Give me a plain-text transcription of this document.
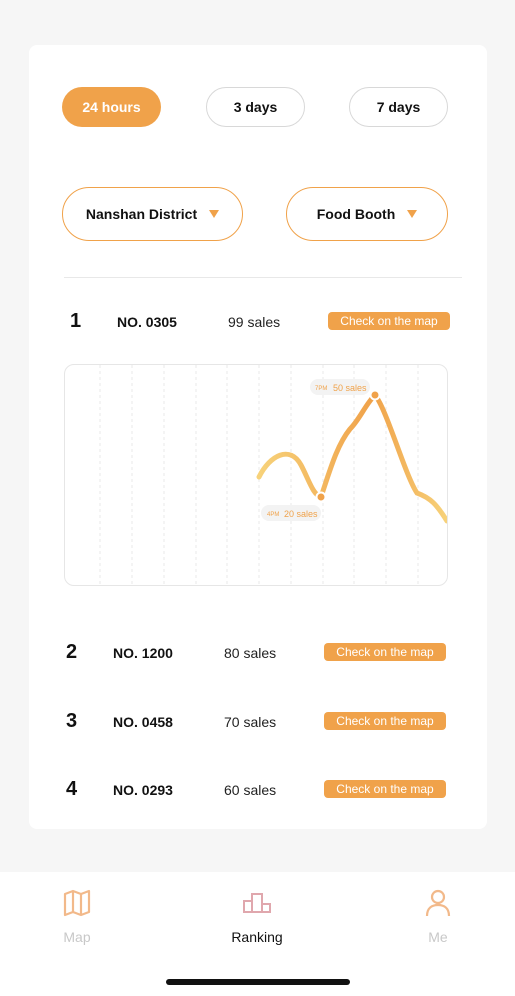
24 hours	3 days	7 days
Nanshan District	Food Booth
1	NO. 0305	99 sales	Check on the map
4PM 20 sales
7PM 50 sales
2	NO. 1200	80 sales	Check on the map
3	NO. 0458	70 sales	Check on the map
4	NO. 0293	60 sales	Check on the map
Map	Ranking	Me
